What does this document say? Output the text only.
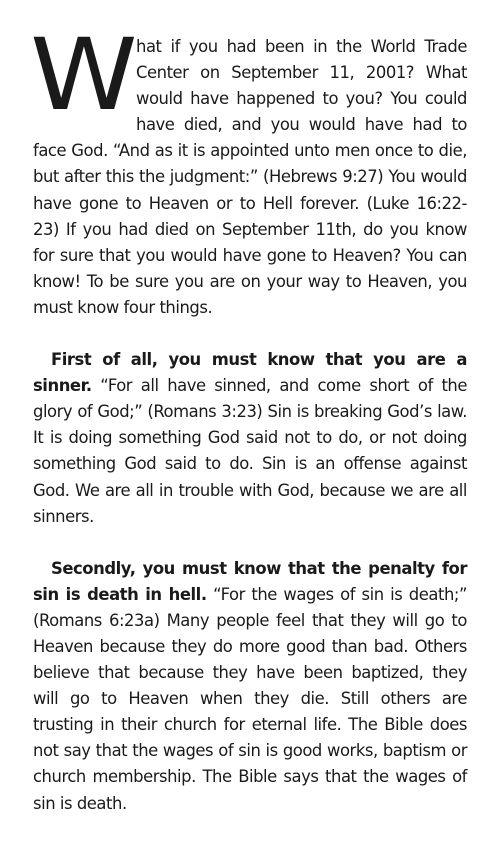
What if you had been in the World Trade Center on September 11, 2001? What would have happened to you? You could have died, and you would have had to face God. “And as it is appointed unto men once to die, but after this the judgment:” (Hebrews 9:27) You would have gone to Heaven or to Hell forever. (Luke 16:22-23) If you had died on September 11th, do you know for sure that you would have gone to Heaven? You can know! To be sure you are on your way to Heaven, you must know four things.

First of all, you must know that you are a sinner. “For all have sinned, and come short of the glory of God;” (Romans 3:23) Sin is breaking God’s law. It is doing something God said not to do, or not doing something God said to do. Sin is an offense against God. We are all in trouble with God, because we are all sinners.

Secondly, you must know that the penalty for sin is death in hell. “For the wages of sin is death;” (Romans 6:23a) Many people feel that they will go to Heaven because they do more good than bad. Others believe that because they have been baptized, they will go to Heaven when they die. Still others are trusting in their church for eternal life. The Bible does not say that the wages of sin is good works, baptism or church membership. The Bible says that the wages of sin is death.
